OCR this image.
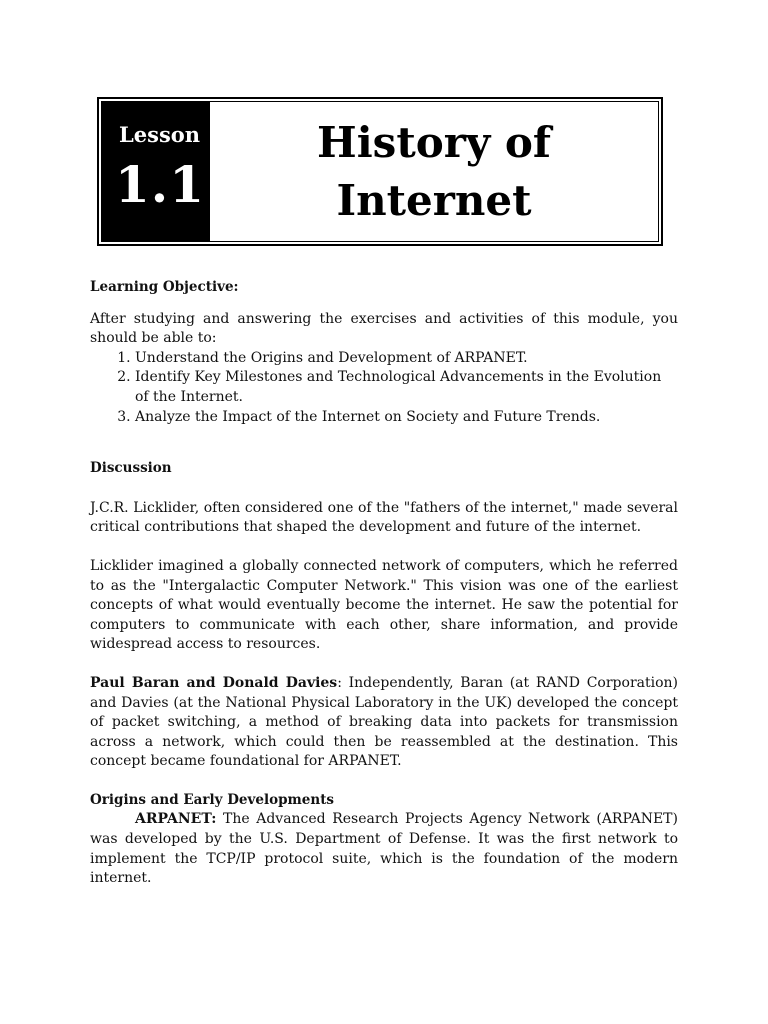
Lesson
1.1
History of
Internet
Learning Objective:

After studying and answering the exercises and activities of this module, you should be able to:

1. Understand the Origins and Development of ARPANET.
2. Identify Key Milestones and Technological Advancements in the Evolution of the Internet.
3. Analyze the Impact of the Internet on Society and Future Trends.
Discussion

J.C.R. Licklider, often considered one of the "fathers of the internet," made several critical contributions that shaped the development and future of the internet.

Licklider imagined a globally connected network of computers, which he referred to as the "Intergalactic Computer Network." This vision was one of the earliest concepts of what would eventually become the internet. He saw the potential for computers to communicate with each other, share information, and provide widespread access to resources.

Paul Baran and Donald Davies: Independently, Baran (at RAND Corporation) and Davies (at the National Physical Laboratory in the UK) developed the concept of packet switching, a method of breaking data into packets for transmission across a network, which could then be reassembled at the destination. This concept became foundational for ARPANET.

Origins and Early Developments

ARPANET: The Advanced Research Projects Agency Network (ARPANET) was developed by the U.S. Department of Defense. It was the first network to implement the TCP/IP protocol suite, which is the foundation of the modern internet.
